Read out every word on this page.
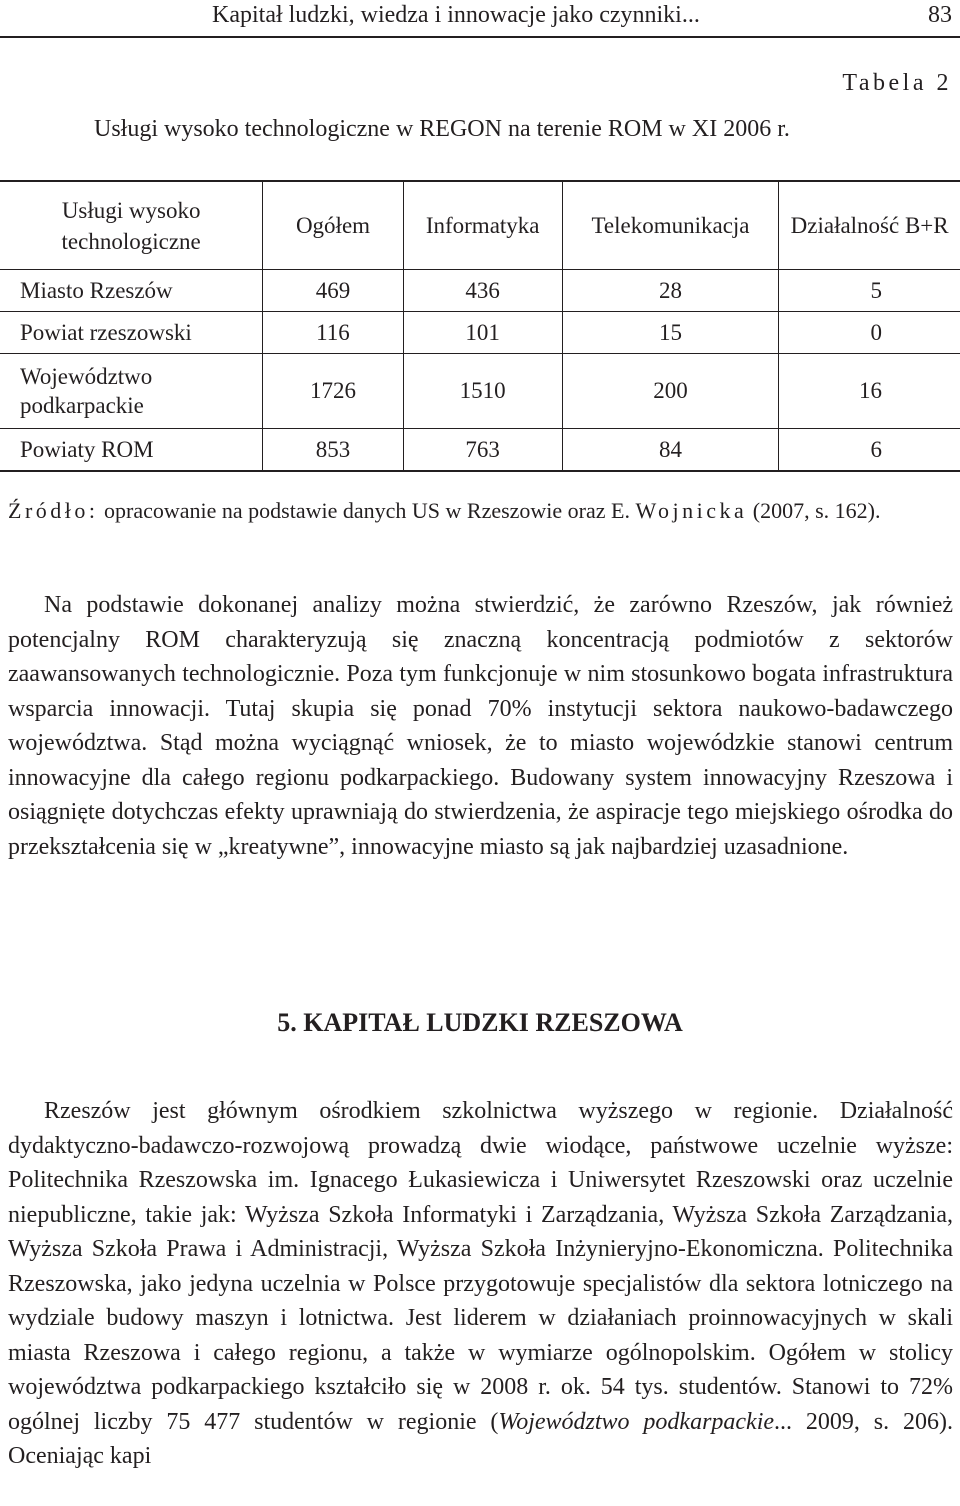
Kapitał ludzki, wiedza i innowacje jako czynniki...	83
Tabela 2
Usługi wysoko technologiczne w REGON na terenie ROM w XI 2006 r.
Usługi wysoko technologiczne	Ogółem	Informatyka	Telekomunikacja	Działalność B+R
Miasto Rzeszów	469	436	28	5
Powiat rzeszowski	116	101	15	0
Województwo podkarpackie	1726	1510	200	16
Powiaty ROM	853	763	84	6
Źródło: opracowanie na podstawie danych US w Rzeszowie oraz E. Wojnicka (2007, s. 162).

Na podstawie dokonanej analizy można stwierdzić, że zarówno Rzeszów, jak również potencjalny ROM charakteryzują się znaczną koncentracją podmiotów z sektorów zaawansowanych technologicznie. Poza tym funkcjonuje w nim stosunkowo bogata infrastruktura wsparcia innowacji. Tutaj skupia się ponad 70% instytucji sektora naukowo-badawczego województwa. Stąd można wyciągnąć wniosek, że to miasto wojewódzkie stanowi centrum innowacyjne dla całego regionu podkarpackiego. Budowany system innowacyjny Rzeszowa i osiągnięte dotychczas efekty uprawniają do stwierdzenia, że aspiracje tego miejskiego ośrodka do przekształcenia się w „kreatywne”, innowacyjne miasto są jak najbardziej uzasadnione.

5. KAPITAŁ LUDZKI RZESZOWA

Rzeszów jest głównym ośrodkiem szkolnictwa wyższego w regionie. Działalność dydaktyczno-badawczo-rozwojową prowadzą dwie wiodące, państwowe uczelnie wyższe: Politechnika Rzeszowska im. Ignacego Łukasiewicza i Uniwersytet Rzeszowski oraz uczelnie niepubliczne, takie jak: Wyższa Szkoła Informatyki i Zarządzania, Wyższa Szkoła Zarządzania, Wyższa Szkoła Prawa i Administracji, Wyższa Szkoła Inżynieryjno-Ekonomiczna. Politechnika Rzeszowska, jako jedyna uczelnia w Polsce przygotowuje specjalistów dla sektora lotniczego na wydziale budowy maszyn i lotnictwa. Jest liderem w działaniach proinnowacyjnych w skali miasta Rzeszowa i całego regionu, a także w wymiarze ogólnopolskim. Ogółem w stolicy województwa podkarpackiego kształciło się w 2008 r. ok. 54 tys. studentów. Stanowi to 72% ogólnej liczby 75 477 studentów w regionie (Województwo podkarpackie... 2009, s. 206). Oceniając kapi
